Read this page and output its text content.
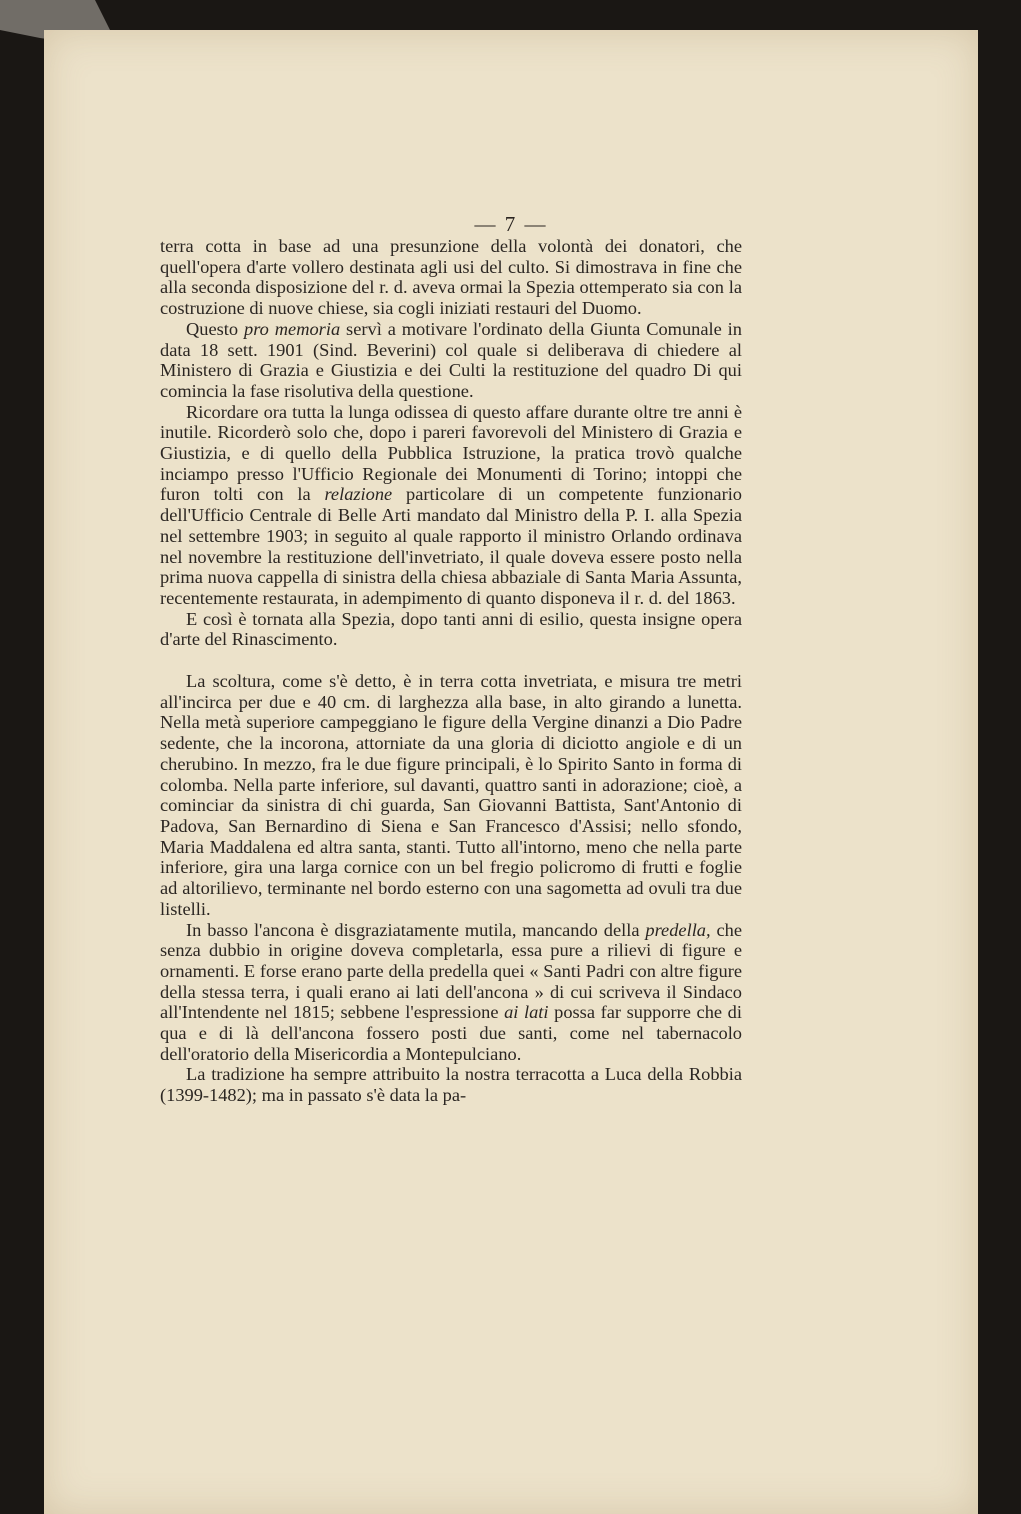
— 7 —

terra cotta in base ad una presunzione della volontà dei donatori, che quell'opera d'arte vollero destinata agli usi del culto. Si dimostrava in fine che alla seconda disposizione del r. d. aveva ormai la Spezia ottemperato sia con la costruzione di nuove chiese, sia cogli iniziati restauri del Duomo.

Questo pro memoria servì a motivare l'ordinato della Giunta Comunale in data 18 sett. 1901 (Sind. Beverini) col quale si deliberava di chiedere al Ministero di Grazia e Giustizia e dei Culti la restituzione del quadro Di qui comincia la fase risolutiva della questione.

Ricordare ora tutta la lunga odissea di questo affare durante oltre tre anni è inutile. Ricorderò solo che, dopo i pareri favorevoli del Ministero di Grazia e Giustizia, e di quello della Pubblica Istruzione, la pratica trovò qualche inciampo presso l'Ufficio Regionale dei Monumenti di Torino; intoppi che furon tolti con la relazione particolare di un competente funzionario dell'Ufficio Centrale di Belle Arti mandato dal Ministro della P. I. alla Spezia nel settembre 1903; in seguito al quale rapporto il ministro Orlando ordinava nel novembre la restituzione dell'invetriato, il quale doveva essere posto nella prima nuova cappella di sinistra della chiesa abbaziale di Santa Maria Assunta, recentemente restaurata, in adempimento di quanto disponeva il r. d. del 1863.

E così è tornata alla Spezia, dopo tanti anni di esilio, questa insigne opera d'arte del Rinascimento.

La scoltura, come s'è detto, è in terra cotta invetriata, e misura tre metri all'incirca per due e 40 cm. di larghezza alla base, in alto girando a lunetta. Nella metà superiore campeggiano le figure della Vergine dinanzi a Dio Padre sedente, che la incorona, attorniate da una gloria di diciotto angiole e di un cherubino. In mezzo, fra le due figure principali, è lo Spirito Santo in forma di colomba. Nella parte inferiore, sul davanti, quattro santi in adorazione; cioè, a cominciar da sinistra di chi guarda, San Giovanni Battista, Sant'Antonio di Padova, San Bernardino di Siena e San Francesco d'Assisi; nello sfondo, Maria Maddalena ed altra santa, stanti. Tutto all'intorno, meno che nella parte inferiore, gira una larga cornice con un bel fregio policromo di frutti e foglie ad altorilievo, terminante nel bordo esterno con una sagometta ad ovuli tra due listelli.

In basso l'ancona è disgraziatamente mutila, mancando della predella, che senza dubbio in origine doveva completarla, essa pure a rilievi di figure e ornamenti. E forse erano parte della predella quei « Santi Padri con altre figure della stessa terra, i quali erano ai lati dell'ancona » di cui scriveva il Sindaco all'Intendente nel 1815; sebbene l'espressione ai lati possa far supporre che di qua e di là dell'ancona fossero posti due santi, come nel tabernacolo dell'oratorio della Misericordia a Montepulciano.

La tradizione ha sempre attribuito la nostra terracotta a Luca della Robbia (1399-1482); ma in passato s'è data la pa-
